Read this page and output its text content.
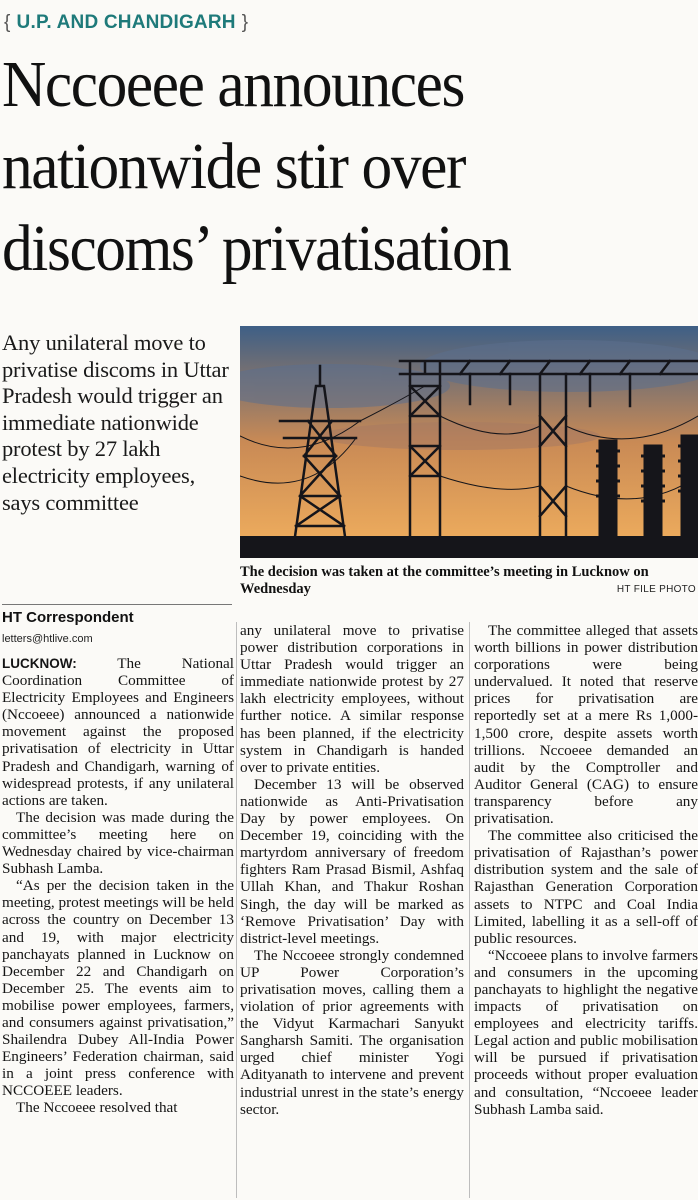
{ U.P. AND CHANDIGARH }
Nccoeee announces
nationwide stir over
discoms’ privatisation
Any unilateral move to privatise discoms in Uttar Pradesh would trigger an immediate nationwide protest by 27 lakh electricity employees, says committee
The decision was taken at the committee’s meeting in Lucknow on Wednesday	HT FILE PHOTO
HT Correspondent
letters@htlive.com

LUCKNOW: The National Coordination Committee of Electricity Employees and Engineers (Nccoeee) announced a nationwide movement against the proposed privatisation of electricity in Uttar Pradesh and Chandigarh, warning of widespread protests, if any unilateral actions are taken.

The decision was made during the committee’s meeting here on Wednesday chaired by vice-chairman Subhash Lamba.

“As per the decision taken in the meeting, protest meetings will be held across the country on December 13 and 19, with major electricity panchayats planned in Lucknow on December 22 and Chandigarh on December 25. The events aim to mobilise power employees, farmers, and consumers against privatisation,” Shailendra Dubey All-India Power Engineers’ Federation chairman, said in a joint press conference with NCCOEEE leaders.

The Nccoeee resolved that

any unilateral move to privatise power distribution corporations in Uttar Pradesh would trigger an immediate nationwide protest by 27 lakh electricity employees, without further notice. A similar response has been planned, if the electricity system in Chandigarh is handed over to private entities.

December 13 will be observed nationwide as Anti-Privatisation Day by power employees. On December 19, coinciding with the martyrdom anniversary of freedom fighters Ram Prasad Bismil, Ashfaq Ullah Khan, and Thakur Roshan Singh, the day will be marked as ‘Remove Privatisation’ Day with district-level meetings.

The Nccoeee strongly condemned UP Power Corporation’s privatisation moves, calling them a violation of prior agreements with the Vidyut Karmachari Sanyukt Sangharsh Samiti. The organisation urged chief minister Yogi Adityanath to intervene and prevent industrial unrest in the state’s energy sector.

The committee alleged that assets worth billions in power distribution corporations were being undervalued. It noted that reserve prices for privatisation are reportedly set at a mere Rs 1,000-1,500 crore, despite assets worth trillions. Nccoeee demanded an audit by the Comptroller and Auditor General (CAG) to ensure transparency before any privatisation.

The committee also criticised the privatisation of Rajasthan’s power distribution system and the sale of Rajasthan Generation Corporation assets to NTPC and Coal India Limited, labelling it as a sell-off of public resources.

“Nccoeee plans to involve farmers and consumers in the upcoming panchayats to highlight the negative impacts of privatisation on employees and electricity tariffs. Legal action and public mobilisation will be pursued if privatisation proceeds without proper evaluation and consultation, “Nccoeee leader Subhash Lamba said.
